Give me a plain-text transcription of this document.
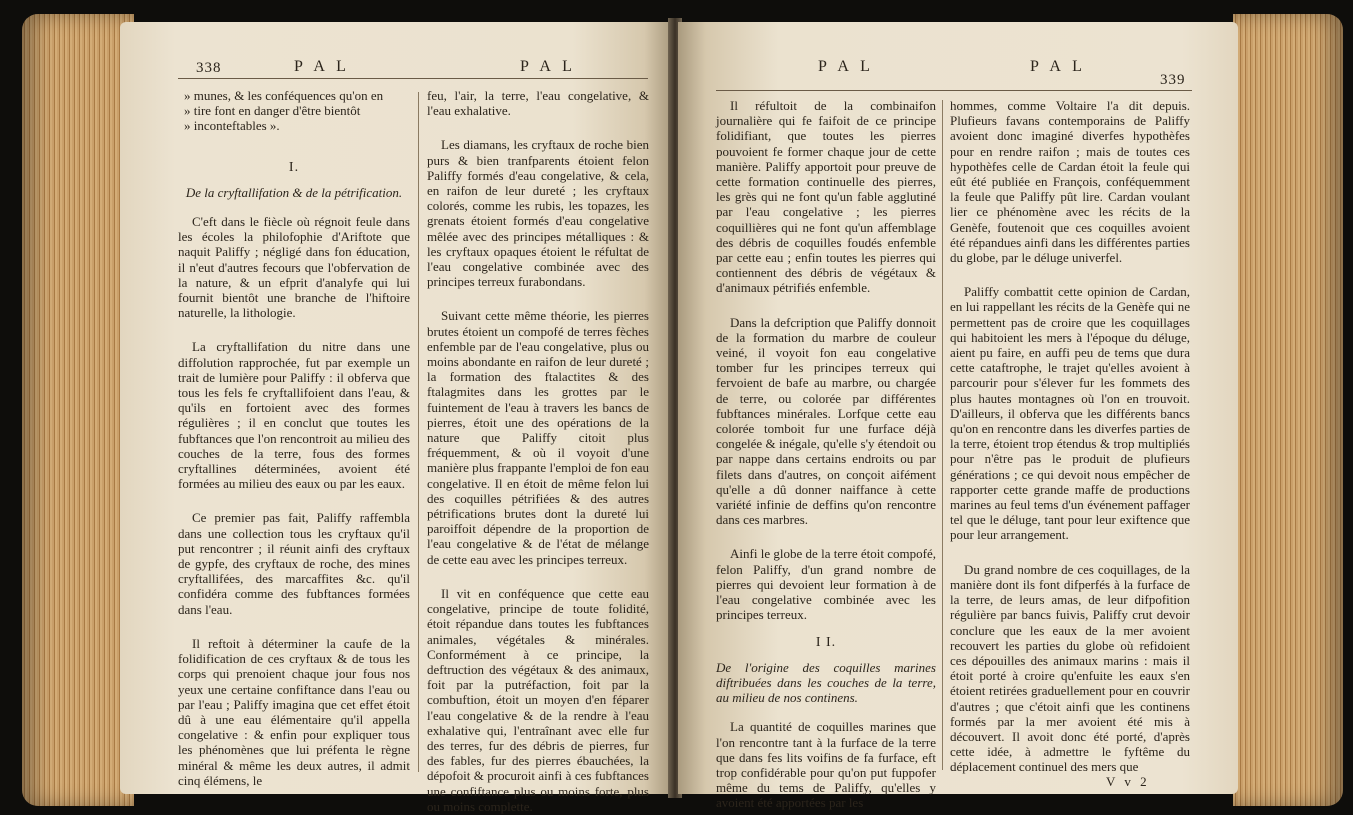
338	P A L	P A L

» munes, & les conféquences qu'on en

» tire font en danger d'être bientôt

» inconteftables ».

I.

De la cryftallifation & de la pétrification.

C'eft dans le fiècle où régnoit feule dans les écoles la philofophie d'Ariftote que naquit Paliffy ; négligé dans fon éducation, il n'eut d'autres fecours que l'obfervation de la nature, & un efprit d'analyfe qui lui fournit bientôt une branche de l'hiftoire naturelle, la lithologie.

La cryftallifation du nitre dans une diffolution rapprochée, fut par exemple un trait de lumière pour Paliffy : il obferva que tous les fels fe cryftallifoient dans l'eau, & qu'ils en fortoient avec des formes régulières ; il en conclut que toutes les fubftances que l'on rencontroit au milieu des couches de la terre, fous des formes cryftallines déterminées, avoient été formées au milieu des eaux ou par les eaux.

Ce premier pas fait, Paliffy raffembla dans une collection tous les cryftaux qu'il put rencontrer ; il réunit ainfi des cryftaux de gypfe, des cryftaux de roche, des mines cryftallifées, des marcaffites &c. qu'il confidéra comme des fubftances formées dans l'eau.

Il reftoit à déterminer la caufe de la folidification de ces cryftaux & de tous les corps qui prenoient chaque jour fous nos yeux une certaine confiftance dans l'eau ou par l'eau ; Paliffy imagina que cet effet étoit dû à une eau élémentaire qu'il appella congelative : & enfin pour expliquer tous les phénomènes que lui préfenta le règne minéral & même les deux autres, il admit cinq élémens, le

feu, l'air, la terre, l'eau congelative, & l'eau exhalative.

Les diamans, les cryftaux de roche bien purs & bien tranfparents étoient felon Paliffy formés d'eau congelative, & cela, en raifon de leur dureté ; les cryftaux colorés, comme les rubis, les topazes, les grenats étoient formés d'eau congelative mêlée avec des principes métalliques : & les cryftaux opaques étoient le réfultat de l'eau congelative combinée avec des principes terreux furabondans.

Suivant cette même théorie, les pierres brutes étoient un compofé de terres fèches enfemble par de l'eau congelative, plus ou moins abondante en raifon de leur dureté ; la formation des ftalactites & des ftalagmites dans les grottes par le fuintement de l'eau à travers les bancs de pierres, étoit une des opérations de la nature que Paliffy citoit plus fréquemment, & où il voyoit d'une manière plus frappante l'emploi de fon eau congelative. Il en étoit de même felon lui des coquilles pétrifiées & des autres pétrifications brutes dont la dureté lui paroiffoit dépendre de la proportion de l'eau congelative & de l'état de mélange de cette eau avec les principes terreux.

Il vit en conféquence que cette eau congelative, principe de toute folidité, étoit répandue dans toutes les fubftances animales, végétales & minérales. Conformément à ce principe, la deftruction des végétaux & des animaux, foit par la putréfaction, foit par la combuftion, étoit un moyen d'en féparer l'eau congelative & de la rendre à l'eau exhalative qui, l'entraînant avec elle fur des terres, fur des débris de pierres, fur des fables, fur des pierres ébauchées, la dépofoit & procuroit ainfi à ces fubftances une confiftance plus ou moins forte, plus ou moins complette.

P A L	P A L
339

Il réfultoit de la combinaifon journalière qui fe faifoit de ce principe folidifiant, que toutes les pierres pouvoient fe former chaque jour de cette manière. Paliffy apportoit pour preuve de cette formation continuelle des pierres, les grès qui ne font qu'un fable agglutiné par l'eau congelative ; les pierres coquillières qui ne font qu'un affemblage des débris de coquilles foudés enfemble par cette eau ; enfin toutes les pierres qui contiennent des débris de végétaux & d'animaux pétrifiés enfemble.

Dans la defcription que Paliffy donnoit de la formation du marbre de couleur veiné, il voyoit fon eau congelative tomber fur les principes terreux qui fervoient de bafe au marbre, ou chargée de terre, ou colorée par différentes fubftances minérales. Lorfque cette eau colorée tomboit fur une furface déjà congelée & inégale, qu'elle s'y étendoit ou par nappe dans certains endroits ou par filets dans d'autres, on conçoit aifément qu'elle a dû donner naiffance à cette variété infinie de deffins qu'on rencontre dans ces marbres.

Ainfi le globe de la terre étoit compofé, felon Paliffy, d'un grand nombre de pierres qui devoient leur formation à de l'eau congelative combinée avec les principes terreux.

I I.

De l'origine des coquilles marines diftribuées dans les couches de la terre, au milieu de nos continens.

La quantité de coquilles marines que l'on rencontre tant à la furface de la terre que dans fes lits voifins de fa furface, eft trop confidérable pour qu'on put fuppofer même du tems de Paliffy, qu'elles y avoient été apportées par les

hommes, comme Voltaire l'a dit depuis. Plufieurs favans contemporains de Paliffy avoient donc imaginé diverfes hypothèfes pour en rendre raifon ; mais de toutes ces hypothèfes celle de Cardan étoit la feule qui eût été publiée en François, conféquemment la feule que Paliffy pût lire. Cardan voulant lier ce phénomène avec les récits de la Genèfe, foutenoit que ces coquilles avoient été répandues ainfi dans les différentes parties du globe, par le déluge univerfel.

Paliffy combattit cette opinion de Cardan, en lui rappellant les récits de la Genèfe qui ne permettent pas de croire que les coquillages qui habitoient les mers à l'époque du déluge, aient pu faire, en auffi peu de tems que dura cette cataftrophe, le trajet qu'elles avoient à parcourir pour s'élever fur les fommets des plus hautes montagnes où l'on en trouvoit. D'ailleurs, il obferva que les différents bancs qu'on en rencontre dans les diverfes parties de la terre, étoient trop étendus & trop multipliés pour n'être pas le produit de plufieurs générations ; ce qui devoit nous empêcher de rapporter cette grande maffe de productions marines au feul tems d'un événement paffager tel que le déluge, tant pour leur exiftence que pour leur arrangement.

Du grand nombre de ces coquillages, de la manière dont ils font difperfés à la furface de la terre, de leurs amas, de leur difpofition régulière par bancs fuivis, Paliffy crut devoir conclure que les eaux de la mer avoient recouvert les parties du globe où refidoient ces dépouilles des animaux marins : mais il étoit porté à croire qu'enfuite les eaux s'en étoient retirées graduellement pour en couvrir d'autres ; que c'étoit ainfi que les continens formés par la mer avoient été mis à découvert. Il avoit donc été porté, d'après cette idée, à admettre le fyftême du déplacement continuel des mers que

V v 2
